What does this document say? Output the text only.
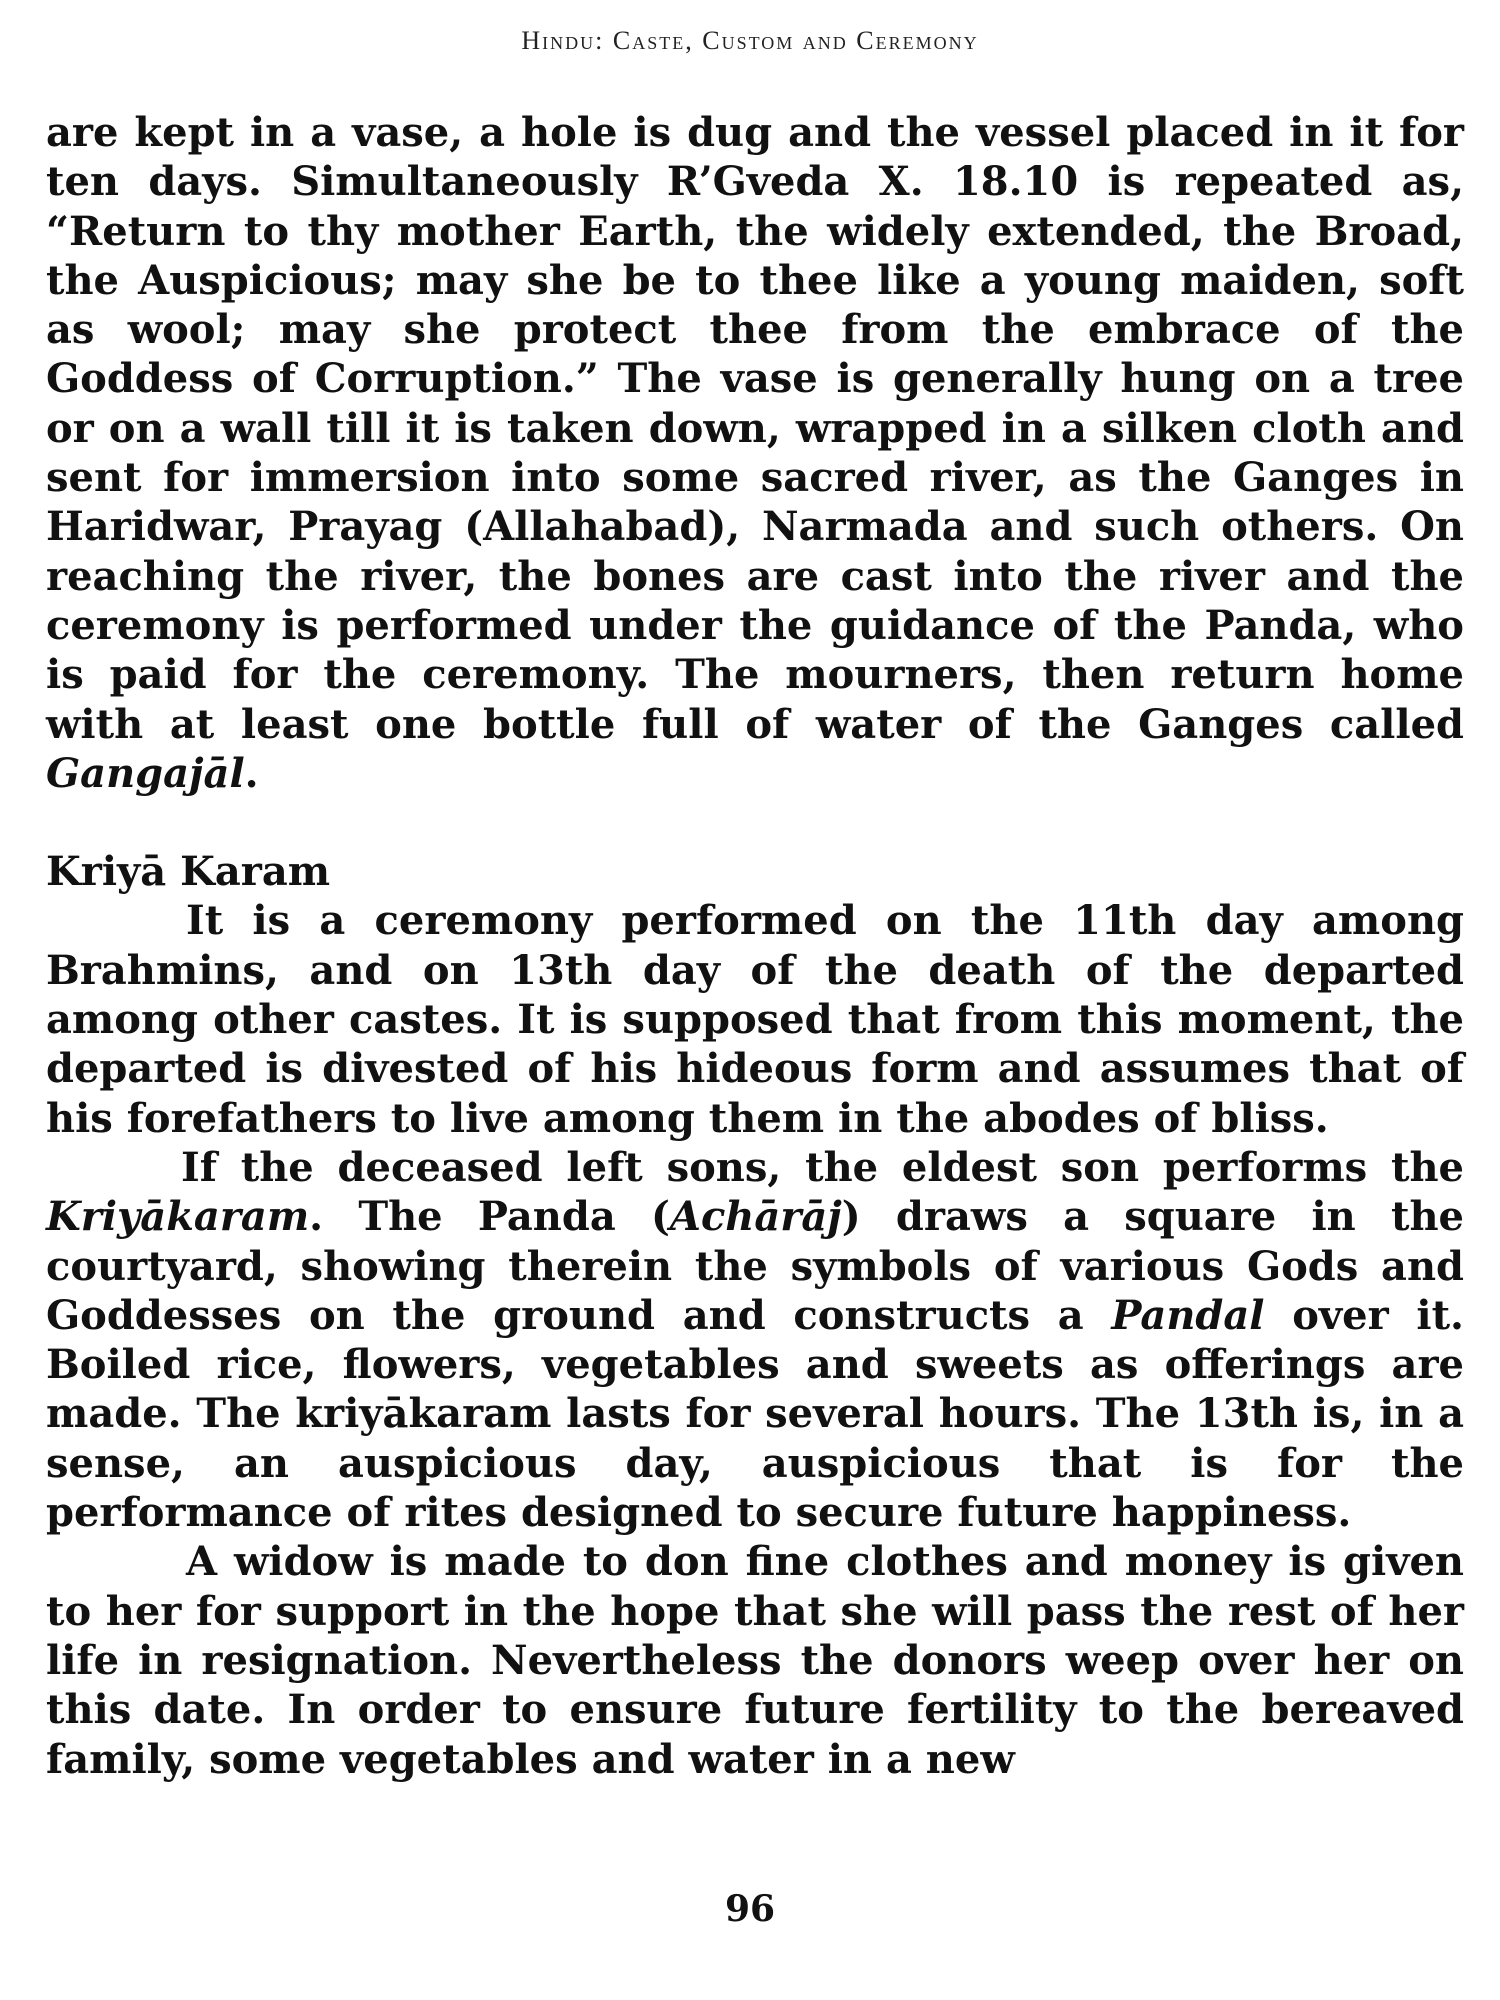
Hindu: Caste, Custom and Ceremony

are kept in a vase, a hole is dug and the vessel placed in it for ten days. Simultaneously R’Gveda X. 18.10 is repeated as, “Return to thy mother Earth, the widely extended, the Broad, the Auspicious; may she be to thee like a young maiden, soft as wool; may she protect thee from the embrace of the Goddess of Corruption.” The vase is generally hung on a tree or on a wall till it is taken down, wrapped in a silken cloth and sent for immersion into some sacred river, as the Ganges in Haridwar, Prayag (Allahabad), Narmada and such others. On reaching the river, the bones are cast into the river and the ceremony is performed under the guidance of the Panda, who is paid for the ceremony. The mourners, then return home with at least one bottle full of water of the Ganges called Gangajāl.

Kriyā Karam

It is a ceremony performed on the 11th day among Brahmins, and on 13th day of the death of the departed among other castes. It is supposed that from this moment, the departed is divested of his hideous form and assumes that of his forefathers to live among them in the abodes of bliss.

If the deceased left sons, the eldest son performs the Kriyākaram. The Panda (Achārāj) draws a square in the courtyard, showing therein the symbols of various Gods and Goddesses on the ground and constructs a Pandal over it. Boiled rice, flowers, vegetables and sweets as offerings are made. The kriyākaram lasts for several hours. The 13th is, in a sense, an auspicious day, auspicious that is for the performance of rites designed to secure future happiness.

A widow is made to don fine clothes and money is given to her for support in the hope that she will pass the rest of her life in resignation. Nevertheless the donors weep over her on this date. In order to ensure future fertility to the bereaved family, some vegetables and water in a new

96
